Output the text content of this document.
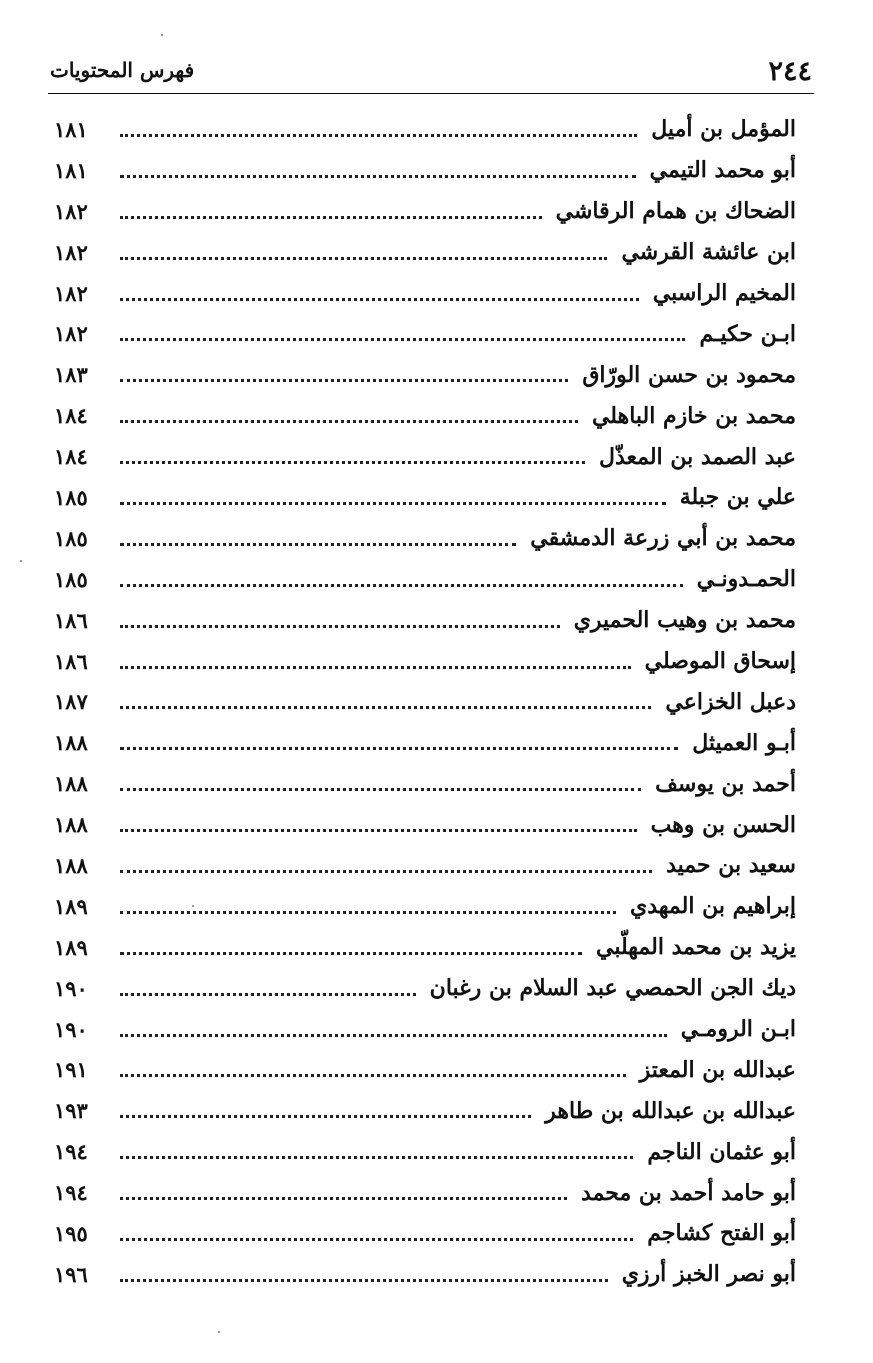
٢٤٤
فهرس المحتويات
المؤمل بن أميل
١٨١
أبو محمد التيمي
١٨١
الضحاك بن همام الرقاشي
١٨٢
ابن عائشة القرشي
١٨٢
المخيم الراسبي
١٨٢
ابـن حكيـم
١٨٢
محمود بن حسن الورّاق
١٨٣
محمد بن خازم الباهلي
١٨٤
عبد الصمد بن المعذّل
١٨٤
علي بن جبلة
١٨٥
محمد بن أبي زرعة الدمشقي
١٨٥
الحمـدونـي
١٨٥
محمد بن وهيب الحميري
١٨٦
إسحاق الموصلي
١٨٦
دعبل الخزاعي
١٨٧
أبـو العميثل
١٨٨
أحمد بن يوسف
١٨٨
الحسن بن وهب
١٨٨
سعيد بن حميد
١٨٨
إبراهيم بن المهدي
١٨٩
يزيد بن محمد المهلّبي
١٨٩
ديك الجن الحمصي عبد السلام بن رغبان
١٩٠
ابـن الرومـي
١٩٠
عبدالله بن المعتز
١٩١
عبدالله بن عبدالله بن طاهر
١٩٣
أبو عثمان الناجم
١٩٤
أبو حامد أحمد بن محمد
١٩٤
أبو الفتح كشاجم
١٩٥
أبو نصر الخبز أرزي
١٩٦
